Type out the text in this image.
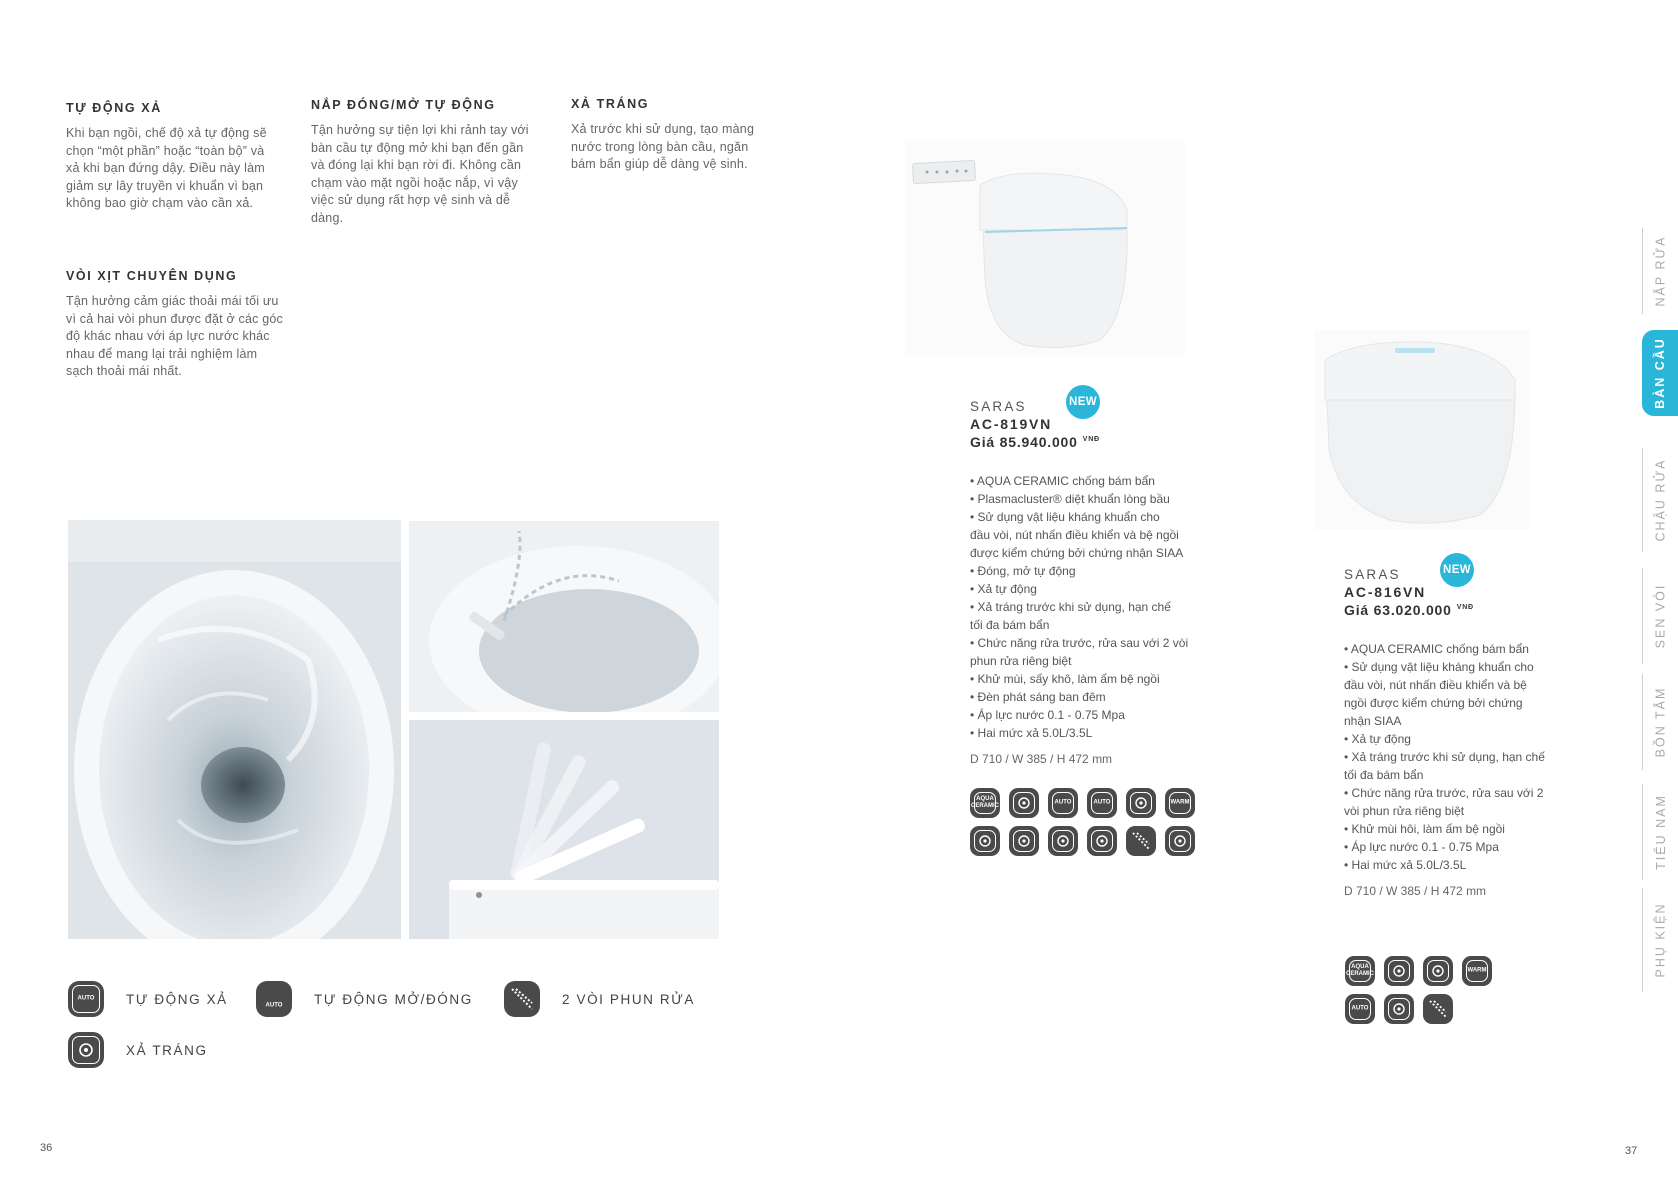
TỰ ĐỘNG XẢ

Khi bạn ngồi, chế độ xả tự động sẽ chọn “một phần” hoặc “toàn bộ” và xả khi bạn đứng dậy. Điều này làm giảm sự lây truyền vi khuẩn vì bạn không bao giờ chạm vào cần xả.

NẮP ĐÓNG/MỞ TỰ ĐỘNG

Tận hưởng sự tiện lợi khi rảnh tay với bàn cầu tự động mở khi bạn đến gần và đóng lại khi bạn rời đi. Không cần chạm vào mặt ngồi hoặc nắp, vì vậy việc sử dụng rất hợp vệ sinh và dễ dàng.

XẢ TRÁNG

Xả trước khi sử dụng, tạo màng nước trong lòng bàn cầu, ngăn bám bẩn giúp dễ dàng vệ sinh.

VÒI XỊT CHUYÊN DỤNG

Tận hưởng cảm giác thoải mái tối ưu vì cả hai vòi phun được đặt ở các góc độ khác nhau với áp lực nước khác nhau để mang lại trải nghiệm làm sạch thoải mái nhất.

AUTO	TỰ ĐỘNG XẢ	AUTO	TỰ ĐỘNG MỞ/ĐÓNG	2 VÒI PHUN RỬA
XẢ TRÁNG
36
NEW
SARAS
AC-819VN
Giá 85.940.000 $^{VNĐ}$
• AQUA CERAMIC chống bám bẩn
• Plasmacluster® diệt khuẩn lòng bầu
• Sử dụng vật liệu kháng khuẩn cho
đầu vòi, nút nhấn điều khiển và bệ ngồi
được kiểm chứng bởi chứng nhận SIAA
• Đóng, mở tự động
• Xả tự động
• Xả tráng trước khi sử dụng, hạn chế
tối đa bám bẩn
• Chức năng rửa trước, rửa sau với 2 vòi
phun rửa riêng biệt
• Khử mùi, sấy khô, làm ấm bệ ngồi
• Đèn phát sáng ban đêm
• Áp lực nước 0.1 - 0.75 Mpa
• Hai mức xả 5.0L/3.5L
D 710 / W 385 / H 472 mm
AQUA CERAMIC
AUTO	AUTO	WARM
NEW
SARAS
AC-816VN
Giá 63.020.000 $^{VNĐ}$
• AQUA CERAMIC chống bám bẩn
• Sử dụng vật liệu kháng khuẩn cho
đầu vòi, nút nhấn điều khiển và bệ
ngồi được kiểm chứng bởi chứng
nhận SIAA
• Xả tự động
• Xả tráng trước khi sử dụng, hạn chế
tối đa bám bẩn
• Chức năng rửa trước, rửa sau với 2
vòi phun rửa riêng biệt
• Khử mùi hôi, làm ấm bệ ngồi
• Áp lực nước 0.1 - 0.75 Mpa
• Hai mức xả 5.0L/3.5L
D 710 / W 385 / H 472 mm
AQUA CERAMIC
WARM
AUTO
NẮP RỬA
BÀN CẦU
CHẬU RỬA
SEN VÒI
BỒN TẮM
TIỂU NAM
PHỤ KIỆN
37
